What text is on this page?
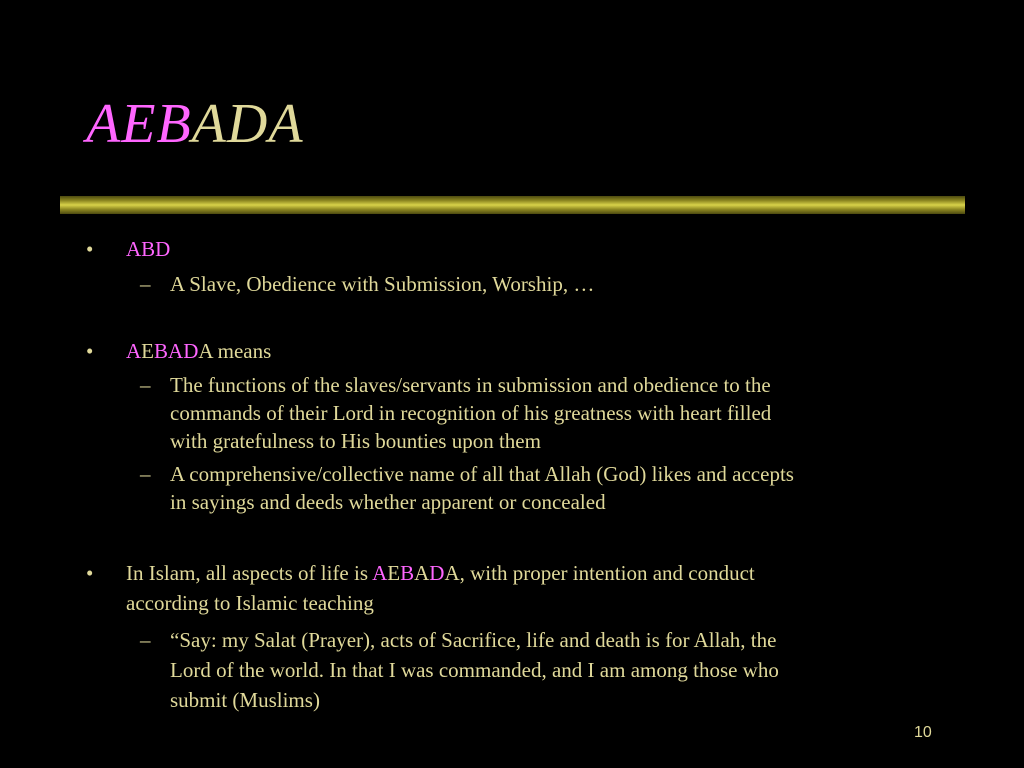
AEBADA
•	ABD
– A Slave, Obedience with Submission, Worship, …
•	AEBADA means
– The functions of the slaves/servants in submission and obedience to the
commands of their Lord in recognition of his greatness with heart filled
with gratefulness to His bounties upon them
– A comprehensive/collective name of all that Allah (God) likes and accepts
in sayings and deeds whether apparent or concealed
•	In Islam, all aspects of life is AEBADA, with proper intention and conduct
according to Islamic teaching
– “Say: my Salat (Prayer), acts of Sacrifice, life and death is for Allah, the
Lord of the world. In that I was commanded, and I am among those who
submit (Muslims)
10
